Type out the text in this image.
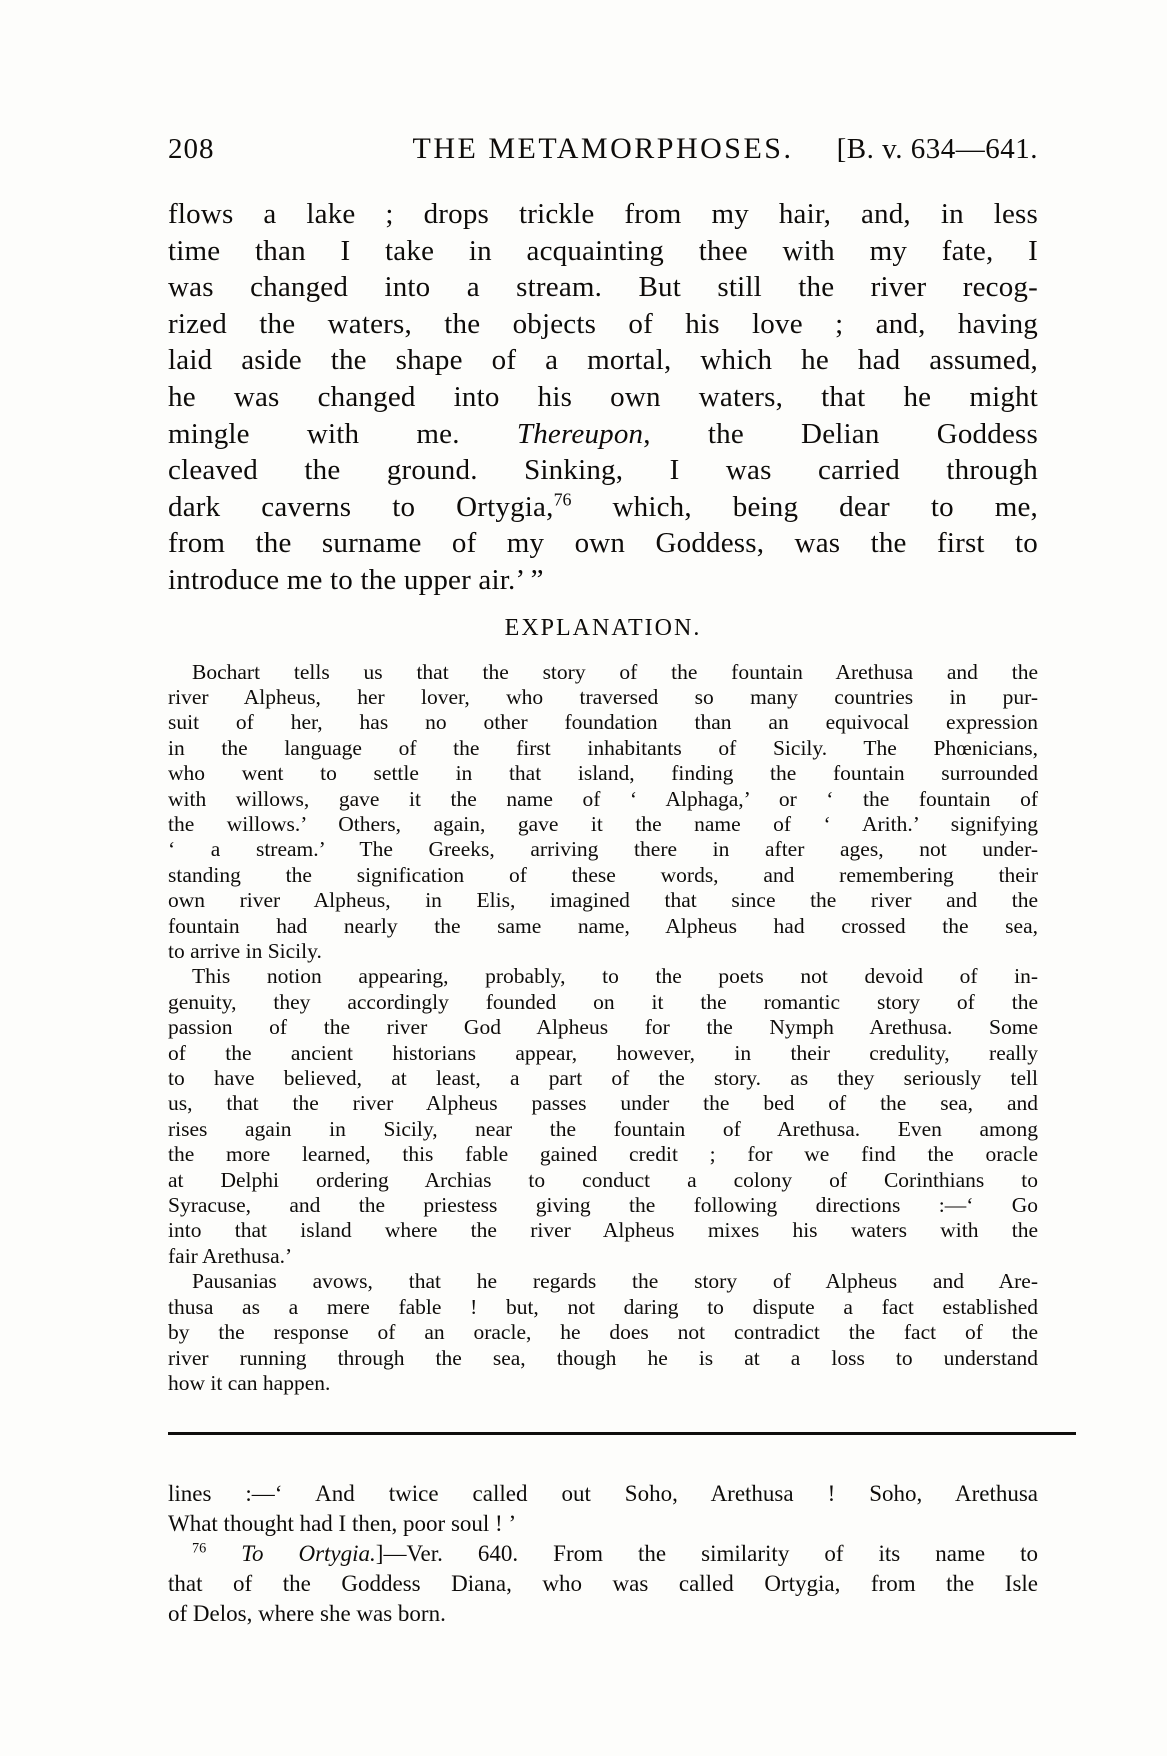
208	THE METAMORPHOSES.	[B. v. 634—641.
flows a lake ; drops trickle from my hair, and, in less
time than I take in acquainting thee with my fate, I
was changed into a stream. But still the river recog-
rized the waters, the objects of his love ; and, having
laid aside the shape of a mortal, which he had assumed,
he was changed into his own waters, that he might
mingle with me. Thereupon, the Delian Goddess
cleaved the ground. Sinking, I was carried through
dark caverns to Ortygia,$^{76}$ which, being dear to me,
from the surname of my own Goddess, was the first to
introduce me to the upper air.’ ”
EXPLANATION.
Bochart tells us that the story of the fountain Arethusa and the
river Alpheus, her lover, who traversed so many countries in pur-
suit of her, has no other foundation than an equivocal expression
in the language of the first inhabitants of Sicily. The Phœnicians,
who went to settle in that island, finding the fountain surrounded
with willows, gave it the name of ‘ Alphaga,’ or ‘ the fountain of
the willows.’ Others, again, gave it the name of ‘ Arith.’ signifying
‘ a stream.’ The Greeks, arriving there in after ages, not under-
standing the signification of these words, and remembering their
own river Alpheus, in Elis, imagined that since the river and the
fountain had nearly the same name, Alpheus had crossed the sea,
to arrive in Sicily.
This notion appearing, probably, to the poets not devoid of in-
genuity, they accordingly founded on it the romantic story of the
passion of the river God Alpheus for the Nymph Arethusa. Some
of the ancient historians appear, however, in their credulity, really
to have believed, at least, a part of the story. as they seriously tell
us, that the river Alpheus passes under the bed of the sea, and
rises again in Sicily, near the fountain of Arethusa. Even among
the more learned, this fable gained credit ; for we find the oracle
at Delphi ordering Archias to conduct a colony of Corinthians to
Syracuse, and the priestess giving the following directions :—‘ Go
into that island where the river Alpheus mixes his waters with the
fair Arethusa.’
Pausanias avows, that he regards the story of Alpheus and Are-
thusa as a mere fable ! but, not daring to dispute a fact established
by the response of an oracle, he does not contradict the fact of the
river running through the sea, though he is at a loss to understand
how it can happen.
lines :—‘ And twice called out Soho, Arethusa ! Soho, Arethusa
What thought had I then, poor soul ! ’
$^{76}$ To Ortygia.]—Ver. 640. From the similarity of its name to
that of the Goddess Diana, who was called Ortygia, from the Isle
of Delos, where she was born.
